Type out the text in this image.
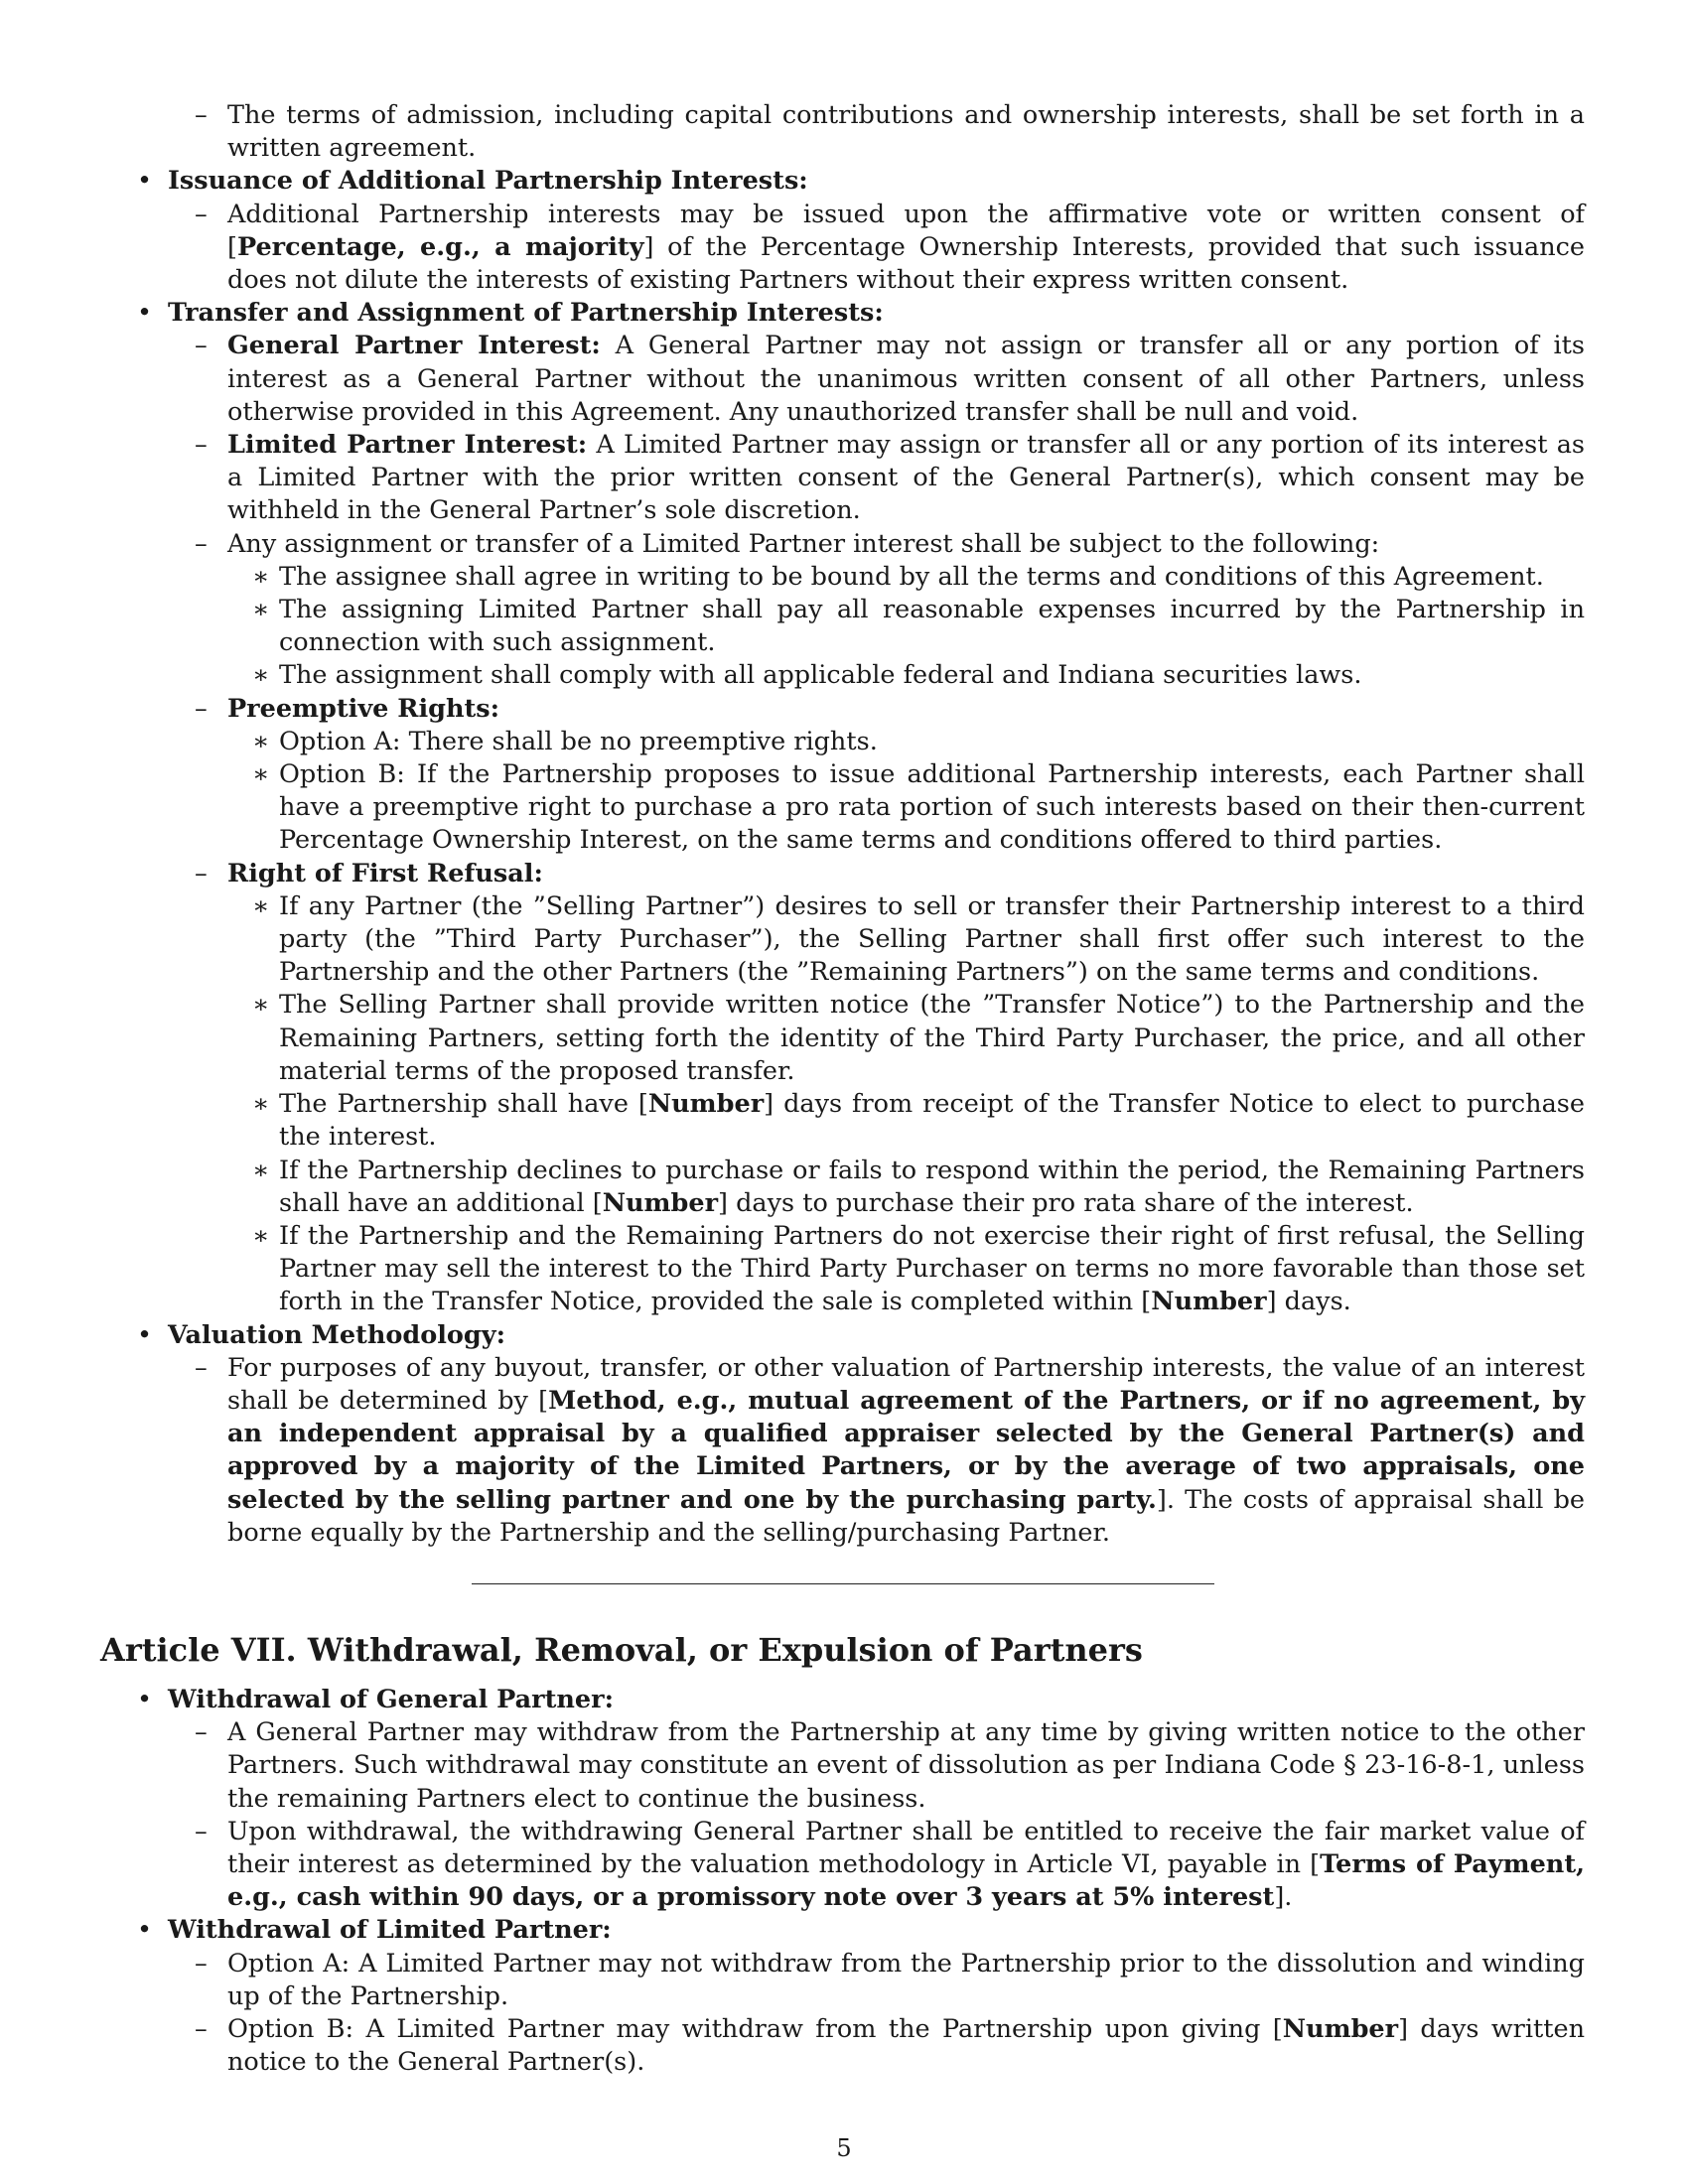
– The terms of admission, including capital contributions and ownership interests, shall be set forth in a written agreement.

• Issuance of Additional Partnership Interests:

– Additional Partnership interests may be issued upon the affirmative vote or written consent of [Percentage, e.g., a majority] of the Percentage Ownership Interests, provided that such issuance does not dilute the interests of existing Partners without their express written consent.

• Transfer and Assignment of Partnership Interests:

– General Partner Interest: A General Partner may not assign or transfer all or any portion of its interest as a General Partner without the unanimous written consent of all other Partners, unless otherwise provided in this Agreement. Any unauthorized transfer shall be null and void.

– Limited Partner Interest: A Limited Partner may assign or transfer all or any portion of its interest as a Limited Partner with the prior written consent of the General Partner(s), which consent may be withheld in the General Partner’s sole discretion.

– Any assignment or transfer of a Limited Partner interest shall be subject to the following:

∗ The assignee shall agree in writing to be bound by all the terms and conditions of this Agreement.

∗ The assigning Limited Partner shall pay all reasonable expenses incurred by the Partnership in connection with such assignment.

∗ The assignment shall comply with all applicable federal and Indiana securities laws.

– Preemptive Rights:

∗ Option A: There shall be no preemptive rights.

∗ Option B: If the Partnership proposes to issue additional Partnership interests, each Partner shall have a preemptive right to purchase a pro rata portion of such interests based on their then-current Percentage Ownership Interest, on the same terms and conditions offered to third parties.

– Right of First Refusal:

∗ If any Partner (the ”Selling Partner”) desires to sell or transfer their Partnership interest to a third party (the ”Third Party Purchaser”), the Selling Partner shall first offer such interest to the Partnership and the other Partners (the ”Remaining Partners”) on the same terms and conditions.

∗ The Selling Partner shall provide written notice (the ”Transfer Notice”) to the Partnership and the Remaining Partners, setting forth the identity of the Third Party Purchaser, the price, and all other material terms of the proposed transfer.

∗ The Partnership shall have [Number] days from receipt of the Transfer Notice to elect to purchase the interest.

∗ If the Partnership declines to purchase or fails to respond within the period, the Remaining Partners shall have an additional [Number] days to purchase their pro rata share of the interest.

∗ If the Partnership and the Remaining Partners do not exercise their right of first refusal, the Selling Partner may sell the interest to the Third Party Purchaser on terms no more favorable than those set forth in the Transfer Notice, provided the sale is completed within [Number] days.

• Valuation Methodology:

– For purposes of any buyout, transfer, or other valuation of Partnership interests, the value of an interest shall be determined by [Method, e.g., mutual agreement of the Partners, or if no agreement, by an independent appraisal by a qualified appraiser selected by the General Partner(s) and approved by a majority of the Limited Partners, or by the average of two appraisals, one selected by the selling partner and one by the purchasing party.]. The costs of appraisal shall be borne equally by the Partnership and the selling/purchasing Partner.

Article VII. Withdrawal, Removal, or Expulsion of Partners

• Withdrawal of General Partner:

– A General Partner may withdraw from the Partnership at any time by giving written notice to the other Partners. Such withdrawal may constitute an event of dissolution as per Indiana Code § 23-16-8-1, unless the remaining Partners elect to continue the business.

– Upon withdrawal, the withdrawing General Partner shall be entitled to receive the fair market value of their interest as determined by the valuation methodology in Article VI, payable in [Terms of Payment, e.g., cash within 90 days, or a promissory note over 3 years at 5% interest].

• Withdrawal of Limited Partner:

– Option A: A Limited Partner may not withdraw from the Partnership prior to the dissolution and winding up of the Partnership.

– Option B: A Limited Partner may withdraw from the Partnership upon giving [Number] days written notice to the General Partner(s).

5
